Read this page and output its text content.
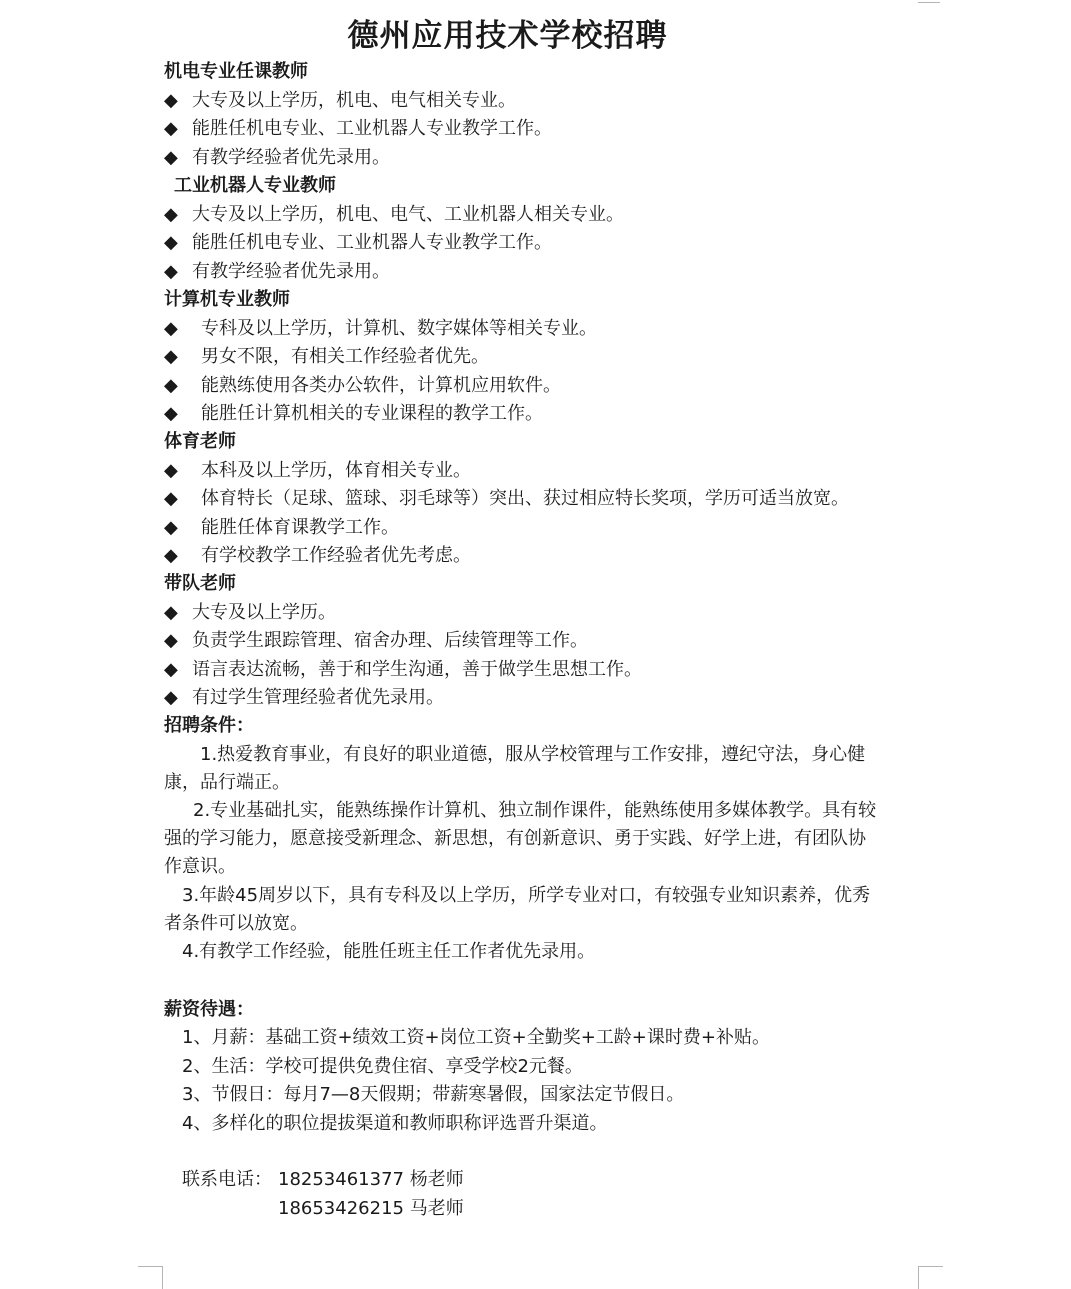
德州应用技术学校招聘
机电专业任课教师
◆ 大专及以上学历，机电、电气相关专业。
◆ 能胜任机电专业、工业机器人专业教学工作。
◆ 有教学经验者优先录用。
工业机器人专业教师
◆ 大专及以上学历，机电、电气、工业机器人相关专业。
◆ 能胜任机电专业、工业机器人专业教学工作。
◆ 有教学经验者优先录用。
计算机专业教师
◆ 专科及以上学历，计算机、数字媒体等相关专业。
◆ 男女不限，有相关工作经验者优先。
◆ 能熟练使用各类办公软件，计算机应用软件。
◆ 能胜任计算机相关的专业课程的教学工作。
体育老师
◆ 本科及以上学历，体育相关专业。
◆ 体育特长（足球、篮球、羽毛球等）突出、获过相应特长奖项，学历可适当放宽。
◆ 能胜任体育课教学工作。
◆ 有学校教学工作经验者优先考虑。
带队老师
◆ 大专及以上学历。
◆ 负责学生跟踪管理、宿舍办理、后续管理等工作。
◆ 语言表达流畅，善于和学生沟通，善于做学生思想工作。
◆ 有过学生管理经验者优先录用。
招聘条件：
1.热爱教育事业，有良好的职业道德，服从学校管理与工作安排，遵纪守法，身心健
康，品行端正。
2.专业基础扎实，能熟练操作计算机、独立制作课件，能熟练使用多媒体教学。具有较
强的学习能力，愿意接受新理念、新思想，有创新意识、勇于实践、好学上进，有团队协
作意识。
3.年龄45周岁以下，具有专科及以上学历，所学专业对口，有较强专业知识素养，优秀
者条件可以放宽。
4.有教学工作经验，能胜任班主任工作者优先录用。
薪资待遇：
1、月薪：基础工资+绩效工资+岗位工资+全勤奖+工龄+课时费+补贴。
2、生活：学校可提供免费住宿、享受学校2元餐。
3、节假日：每月7—8天假期；带薪寒暑假，国家法定节假日。
4、多样化的职位提拔渠道和教师职称评选晋升渠道。
联系电话： 18253461377 杨老师
18653426215 马老师
